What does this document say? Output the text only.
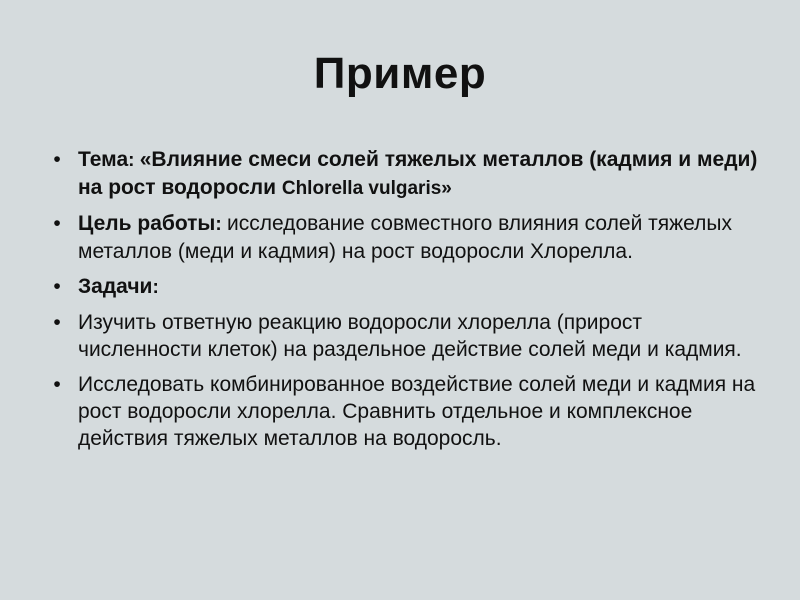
Пример
• Тема: «Влияние смеси солей тяжелых металлов (кадмия и меди) на рост водоросли Chlorella vulgaris»
• Цель работы: исследование совместного влияния солей тяжелых металлов (меди и кадмия) на рост водоросли Хлорелла.
• Задачи:
• Изучить ответную реакцию водоросли хлорелла (прирост численности клеток) на раздельное действие солей меди и кадмия.
• Исследовать комбинированное воздействие солей меди и кадмия на рост водоросли хлорелла. Сравнить отдельное и комплексное действия тяжелых металлов на водоросль.
